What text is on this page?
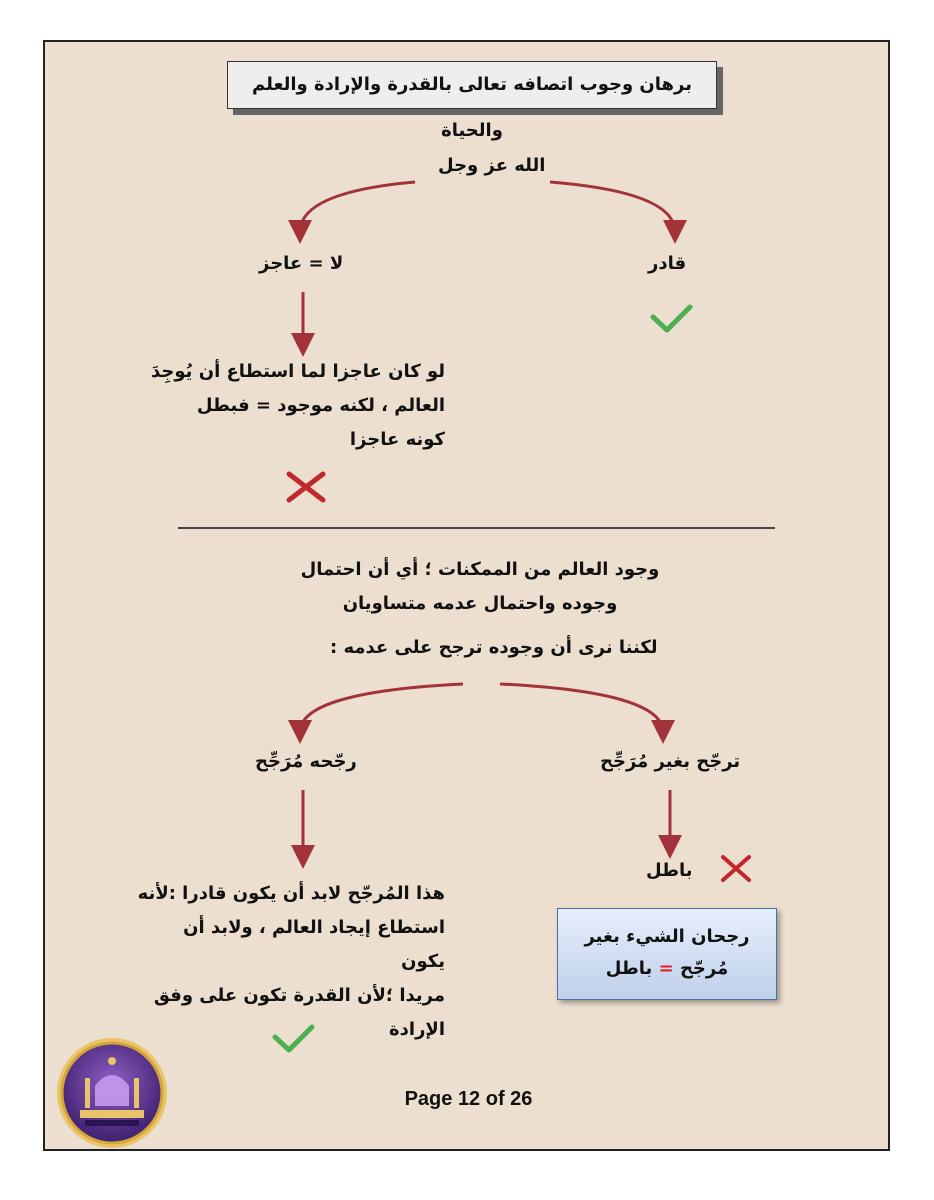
برهان وجوب اتصافه تعالى بالقدرة والإرادة والعلم والحياة
الله عز وجل
قادر
لا = عاجز
لو كان عاجزا لما استطاع أن يُوجِدَ
العالم ، لكنه موجود = فبطل
كونه عاجزا
وجود العالم من الممكنات ؛ أي أن احتمال
وجوده واحتمال عدمه متساويان
لكننا نرى أن وجوده ترجح على عدمه :
ترجّح بغير مُرَجِّح
رجّحه مُرَجِّح
باطل
هذا المُرجّح لابد أن يكون قادرا :لأنه
استطاع إيجاد العالم ، ولابد أن يكون
مريدا ؛لأن القدرة تكون على وفق
الإرادة
رجحان الشيء بغير
مُرجّح = باطل
Page 12 of 26
